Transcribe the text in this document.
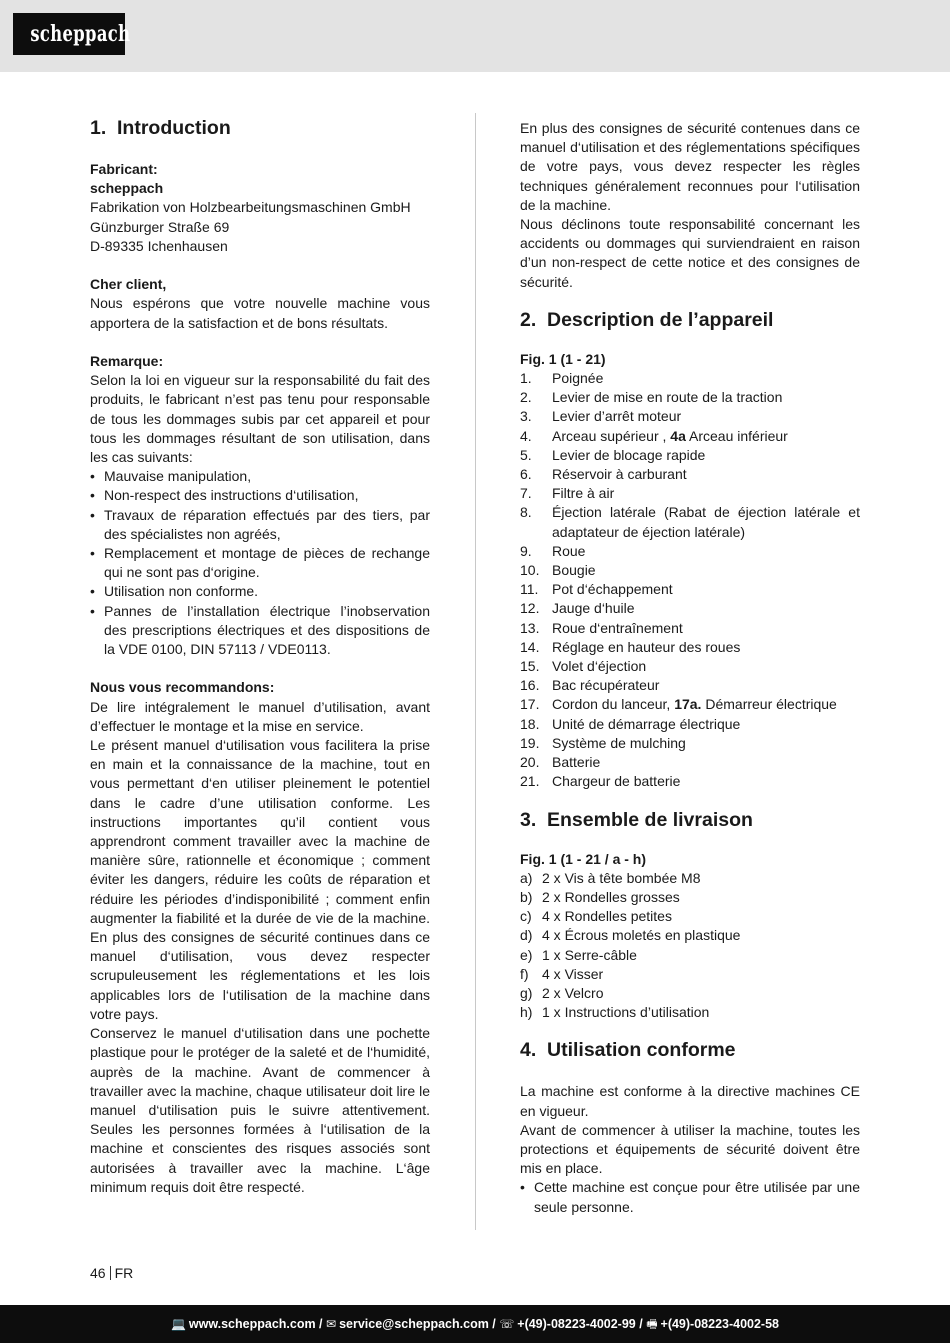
scheppach
1. Introduction

Fabricant:

scheppach

Fabrikation von Holzbearbeitungsmaschinen GmbH

Günzburger Straße 69

D-89335 Ichenhausen

Cher client,

Nous espérons que votre nouvelle machine vous apportera de la satisfaction et de bons résultats.

Remarque:

Selon la loi en vigueur sur la responsabilité du fait des produits, le fabricant n’est pas tenu pour responsable de tous les dommages subis par cet appareil et pour tous les dommages résultant de son utilisation, dans les cas suivants:

• Mauvaise manipulation,
• Non-respect des instructions d‘utilisation,
• Travaux de réparation effectués par des tiers, par des spécialistes non agréés,
• Remplacement et montage de pièces de rechange qui ne sont pas d‘origine.
• Utilisation non conforme.
• Pannes de l’installation électrique l’inobservation des prescriptions électriques et des dispositions de la VDE 0100, DIN 57113 / VDE0113.

Nous vous recommandons:

De lire intégralement le manuel d’utilisation, avant d’effectuer le montage et la mise en service.

Le présent manuel d‘utilisation vous facilitera la prise en main et la connaissance de la machine, tout en vous permettant d‘en utiliser pleinement le potentiel dans le cadre d’une utilisation conforme. Les instructions importantes qu’il contient vous apprendront comment travailler avec la machine de manière sûre, rationnelle et économique ; comment éviter les dangers, réduire les coûts de réparation et réduire les périodes d’indisponibilité ; comment enfin augmenter la fiabilité et la durée de vie de la machine. En plus des consignes de sécurité continues dans ce manuel d‘utilisation, vous devez respecter scrupuleusement les réglementations et les lois applicables lors de l‘utilisation de la machine dans votre pays.

Conservez le manuel d‘utilisation dans une pochette plastique pour le protéger de la saleté et de l‘humidité, auprès de la machine. Avant de commencer à travailler avec la machine, chaque utilisateur doit lire le manuel d‘utilisation puis le suivre attentivement. Seules les personnes formées à l‘utilisation de la machine et conscientes des risques associés sont autorisées à travailler avec la machine. L‘âge minimum requis doit être respecté.

En plus des consignes de sécurité contenues dans ce manuel d‘utilisation et des réglementations spécifiques de votre pays, vous devez respecter les règles techniques généralement reconnues pour l‘utilisation de la machine.

Nous déclinons toute responsabilité concernant les accidents ou dommages qui surviendraient en raison d’un non-respect de cette notice et des consignes de sécurité.

2. Description de l’appareil

Fig. 1 (1 - 21)

1. Poignée
2. Levier de mise en route de la traction
3. Levier d’arrêt moteur
4. Arceau supérieur , 4a Arceau inférieur
5. Levier de blocage rapide
6. Réservoir à carburant
7. Filtre à air
8. Éjection latérale (Rabat de éjection latérale et adaptateur de éjection latérale)
9. Roue
10. Bougie
11. Pot d‘échappement
12. Jauge d‘huile
13. Roue d‘entraînement
14. Réglage en hauteur des roues
15. Volet d‘éjection
16. Bac récupérateur
17. Cordon du lanceur, 17a. Démarreur électrique
18. Unité de démarrage électrique
19. Système de mulching
20. Batterie
21. Chargeur de batterie
3. Ensemble de livraison

Fig. 1 (1 - 21 / a - h)

a) 2 x Vis à tête bombée M8
b) 2 x Rondelles grosses
c) 4 x Rondelles petites
d) 4 x Écrous moletés en plastique
e) 1 x Serre-câble
f) 4 x Visser
g) 2 x Velcro
h) 1 x Instructions d’utilisation
4. Utilisation conforme

La machine est conforme à la directive machines CE en vigueur.

Avant de commencer à utiliser la machine, toutes les protections et équipements de sécurité doivent être mis en place.

• Cette machine est conçue pour être utilisée par une seule personne.
46 FR
💻 www.scheppach.com / ✉ service@scheppach.com / ☏ +(49)-08223-4002-99 / 🖷 +(49)-08223-4002-58
